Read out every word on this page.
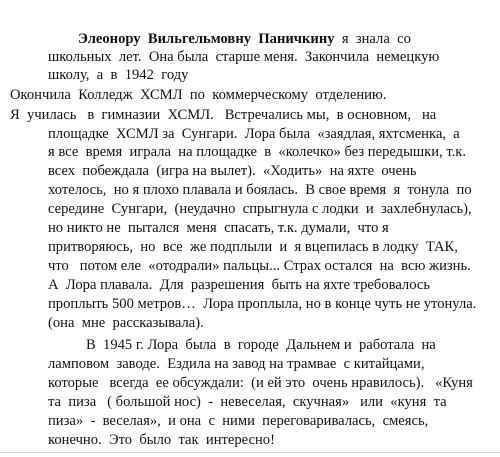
Элеонору  Вильгельмовну  Паничкину  я  знала  со
школьных  лет.  Она была  старше меня.  Закончила  немецкую
школу,  а  в  1942  году
Окончила  Колледж  ХСМЛ  по  коммерческому  отделению.
Я  училась   в  гимназии  ХСМЛ.   Встречались мы,  в основном,   на
площадке  ХСМЛ за  Сунгари.  Лора была  «заядлая, яхтсменка,  а
я все  время  играла  на площадке  в  «колечко» без передышки, т.к.
всех  побеждала  (игра на вылет).  «Ходить»  на яхте  очень
хотелось,  но я плохо плавала и боялась.  В свое время  я  тонула  по
середине  Сунгари,  (неудачно  спрыгнула с лодки  и  захлебнулась),
но никто не  пытался  меня  спасать, т.к. думали,  что я
притворяюсь,  но  все  же подплыли  и  я вцепилась в лодку  ТАК,
что   потом еле  «отодрали» пальцы... Страх остался  на  всю жизнь.
А  Лора плавала.  Для  разрешения  быть на яхте требовалось
проплыть 500 метров…  Лора проплыла, но в конце чуть не утонула.
(она  мне  рассказывала).
В  1945 г. Лора  была  в  городе  Дальнем и  работала  на
ламповом  заводе.  Ездила на завод на трамвае  с китайцами,
которые   всегда  ее обсуждали:  (и ей это  очень нравилось).   «Куня
та  пиза   ( большой нос)  -  невеселая,  скучная»   или  «куня  та
пиза»  -  веселая»,  и она  с  ними  переговаривалась,  смеясь,
конечно.  Это  было  так  интересно!
